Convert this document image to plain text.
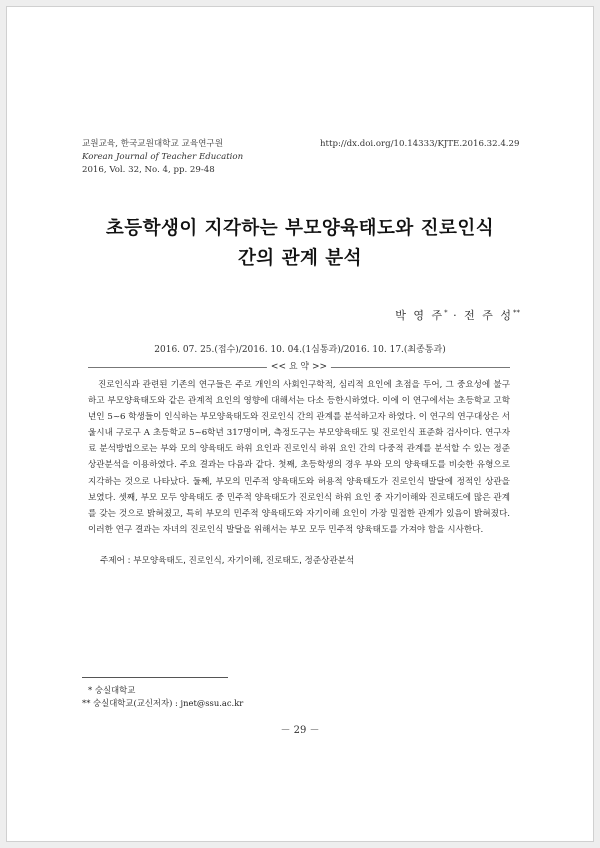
교원교육, 한국교원대학교 교육연구원
Korean Journal of Teacher Education
2016, Vol. 32, No. 4, pp. 29-48
http://dx.doi.org/10.14333/KJTE.2016.32.4.29
초등학생이 지각하는 부모양육태도와 진로인식
간의 관계 분석
박 영 주* · 전 주 성**
2016. 07. 25.(접수)/2016. 10. 04.(1심통과)/2016. 10. 17.(최종통과)
<< 요 약 >>

진로인식과 관련된 기존의 연구들은 주로 개인의 사회인구학적, 심리적 요인에 초점을 두어, 그 중요성에 불구하고 부모양육태도와 같은 관계적 요인의 영향에 대해서는 다소 등한시하였다. 이에 이 연구에서는 초등학교 고학년인 5~6 학생들이 인식하는 부모양육태도와 진로인식 간의 관계를 분석하고자 하였다. 이 연구의 연구대상은 서울시내 구로구 A 초등학교 5~6학년 317명이며, 측정도구는 부모양육태도 및 진로인식 표준화 검사이다. 연구자료 분석방법으로는 부와 모의 양육태도 하위 요인과 진로인식 하위 요인 간의 다중적 관계를 분석할 수 있는 정준상관분석을 이용하였다. 주요 결과는 다음과 같다. 첫째, 초등학생의 경우 부와 모의 양육태도를 비슷한 유형으로 지각하는 것으로 나타났다. 둘째, 부모의 민주적 양육태도와 허용적 양육태도가 진로인식 발달에 정적인 상관을 보였다. 셋째, 부모 모두 양육태도 중 민주적 양육태도가 진로인식 하위 요인 중 자기이해와 진로태도에 많은 관계를 갖는 것으로 밝혀졌고, 특히 부모의 민주적 양육태도와 자기이해 요인이 가장 밀접한 관계가 있음이 밝혀졌다. 이러한 연구 결과는 자녀의 진로인식 발달을 위해서는 부모 모두 민주적 양육태도를 가져야 함을 시사한다.

주제어 : 부모양육태도, 진로인식, 자기이해, 진로태도, 정준상관분석
* 숭실대학교
** 숭실대학교(교신저자) : jnet@ssu.ac.kr
－ 29 －
